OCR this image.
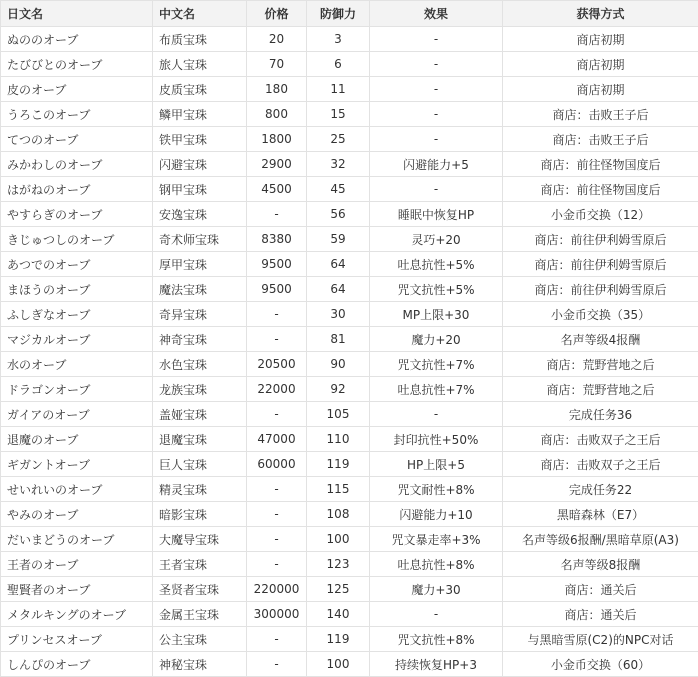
日文名	中文名	价格	防御力	效果	获得方式
ぬののオーブ	布质宝珠	20	3	-	商店初期
たびびとのオーブ	旅人宝珠	70	6	-	商店初期
皮のオーブ	皮质宝珠	180	11	-	商店初期
うろこのオーブ	鳞甲宝珠	800	15	-	商店：击败王子后
てつのオーブ	铁甲宝珠	1800	25	-	商店：击败王子后
みかわしのオーブ	闪避宝珠	2900	32	闪避能力+5	商店：前往怪物国度后
はがねのオーブ	钢甲宝珠	4500	45	-	商店：前往怪物国度后
やすらぎのオーブ	安逸宝珠	-	56	睡眠中恢复HP	小金币交换（12）
きじゅつしのオーブ	奇术师宝珠	8380	59	灵巧+20	商店：前往伊利姆雪原后
あつでのオーブ	厚甲宝珠	9500	64	吐息抗性+5%	商店：前往伊利姆雪原后
まほうのオーブ	魔法宝珠	9500	64	咒文抗性+5%	商店：前往伊利姆雪原后
ふしぎなオーブ	奇异宝珠	-	30	MP上限+30	小金币交换（35）
マジカルオーブ	神奇宝珠	-	81	魔力+20	名声等级4报酬
水のオーブ	水色宝珠	20500	90	咒文抗性+7%	商店：荒野营地之后
ドラゴンオーブ	龙族宝珠	22000	92	吐息抗性+7%	商店：荒野营地之后
ガイアのオーブ	盖娅宝珠	-	105	-	完成任务36
退魔のオーブ	退魔宝珠	47000	110	封印抗性+50%	商店：击败双子之王后
ギガントオーブ	巨人宝珠	60000	119	HP上限+5	商店：击败双子之王后
せいれいのオーブ	精灵宝珠	-	115	咒文耐性+8%	完成任务22
やみのオーブ	暗影宝珠	-	108	闪避能力+10	黑暗森林（E7）
だいまどうのオーブ	大魔导宝珠	-	100	咒文暴走率+3%	名声等级6报酬/黑暗草原(A3)
王者のオーブ	王者宝珠	-	123	吐息抗性+8%	名声等级8报酬
聖賢者のオーブ	圣贤者宝珠	220000	125	魔力+30	商店：通关后
メタルキングのオーブ	金属王宝珠	300000	140	-	商店：通关后
プリンセスオーブ	公主宝珠	-	119	咒文抗性+8%	与黑暗雪原(C2)的NPC对话
しんぴのオーブ	神秘宝珠	-	100	持续恢复HP+3	小金币交换（60）
